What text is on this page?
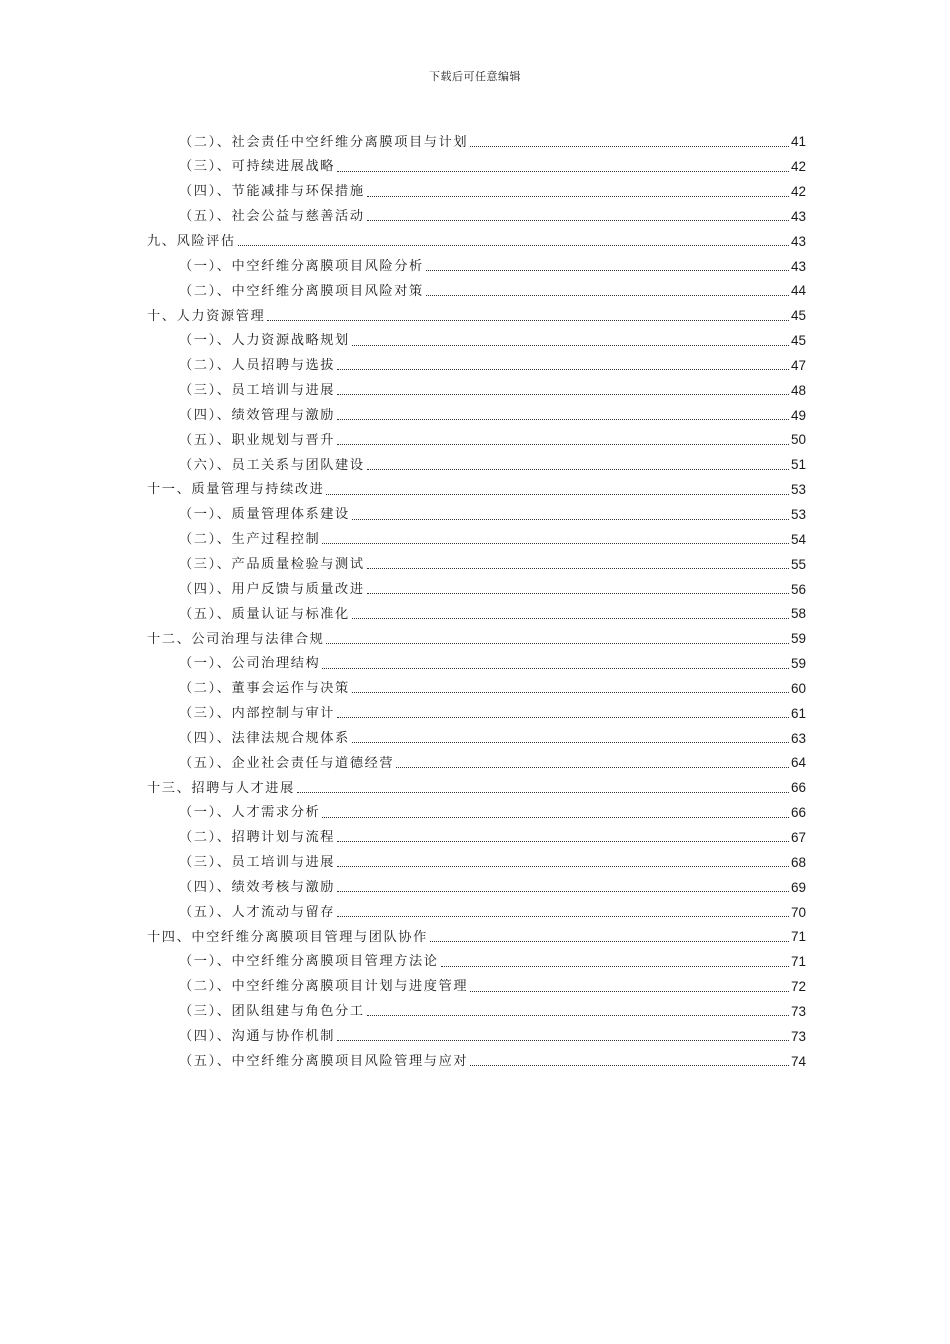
下载后可任意编辑
（二）、社会责任中空纤维分离膜项目与计划	41
（三）、可持续进展战略	42
（四）、节能减排与环保措施	42
（五）、社会公益与慈善活动	43
九、风险评估	43
（一）、中空纤维分离膜项目风险分析	43
（二）、中空纤维分离膜项目风险对策	44
十、人力资源管理	45
（一）、人力资源战略规划	45
（二）、人员招聘与选拔	47
（三）、员工培训与进展	48
（四）、绩效管理与激励	49
（五）、职业规划与晋升	50
（六）、员工关系与团队建设	51
十一、质量管理与持续改进	53
（一）、质量管理体系建设	53
（二）、生产过程控制	54
（三）、产品质量检验与测试	55
（四）、用户反馈与质量改进	56
（五）、质量认证与标准化	58
十二、公司治理与法律合规	59
（一）、公司治理结构	59
（二）、董事会运作与决策	60
（三）、内部控制与审计	61
（四）、法律法规合规体系	63
（五）、企业社会责任与道德经营	64
十三、招聘与人才进展	66
（一）、人才需求分析	66
（二）、招聘计划与流程	67
（三）、员工培训与进展	68
（四）、绩效考核与激励	69
（五）、人才流动与留存	70
十四、中空纤维分离膜项目管理与团队协作	71
（一）、中空纤维分离膜项目管理方法论	71
（二）、中空纤维分离膜项目计划与进度管理	72
（三）、团队组建与角色分工	73
（四）、沟通与协作机制	73
（五）、中空纤维分离膜项目风险管理与应对	74
